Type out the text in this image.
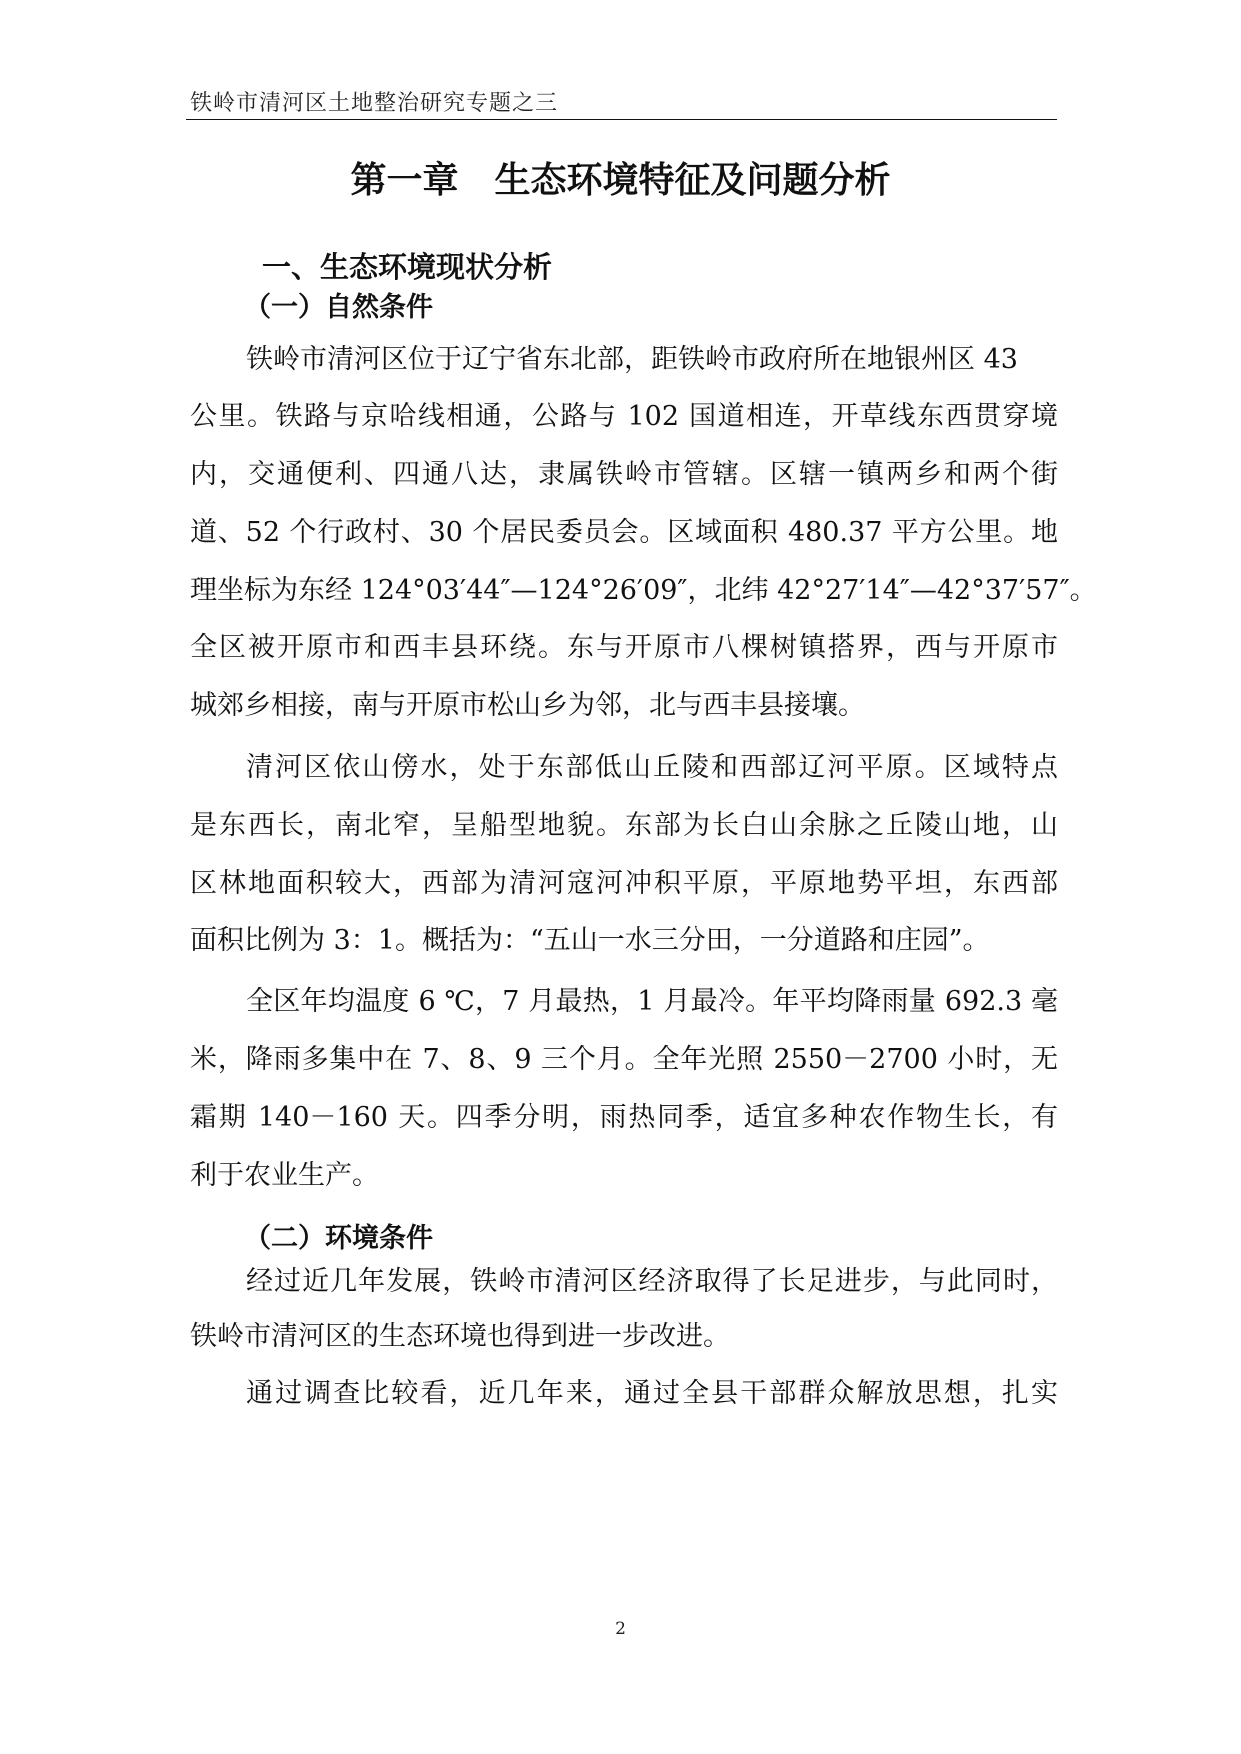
铁岭市清河区土地整治研究专题之三
第一章　生态环境特征及问题分析
一、生态环境现状分析
（一）自然条件
铁岭市清河区位于辽宁省东北部，距铁岭市政府所在地银州区 43
公里。铁路与京哈线相通，公路与 102 国道相连，开草线东西贯穿境
内，交通便利、四通八达，隶属铁岭市管辖。区辖一镇两乡和两个街
道、52 个行政村、30 个居民委员会。区域面积 480.37 平方公里。地
理坐标为东经 124°03′44″—124°26′09″，北纬 42°27′14″—42°37′57″。
全区被开原市和西丰县环绕。东与开原市八棵树镇搭界，西与开原市
城郊乡相接，南与开原市松山乡为邻，北与西丰县接壤。
清河区依山傍水，处于东部低山丘陵和西部辽河平原。区域特点
是东西长，南北窄，呈船型地貌。东部为长白山余脉之丘陵山地，山
区林地面积较大，西部为清河寇河冲积平原，平原地势平坦，东西部
面积比例为 3：1。概括为：“五山一水三分田，一分道路和庄园”。
全区年均温度 6 ℃，7 月最热，1 月最冷。年平均降雨量 692.3 毫
米，降雨多集中在 7、8、9 三个月。全年光照 2550－2700 小时，无
霜期 140－160 天。四季分明，雨热同季，适宜多种农作物生长，有
利于农业生产。
（二）环境条件
经过近几年发展，铁岭市清河区经济取得了长足进步，与此同时，
铁岭市清河区的生态环境也得到进一步改进。
通过调查比较看，近几年来，通过全县干部群众解放思想，扎实
2
